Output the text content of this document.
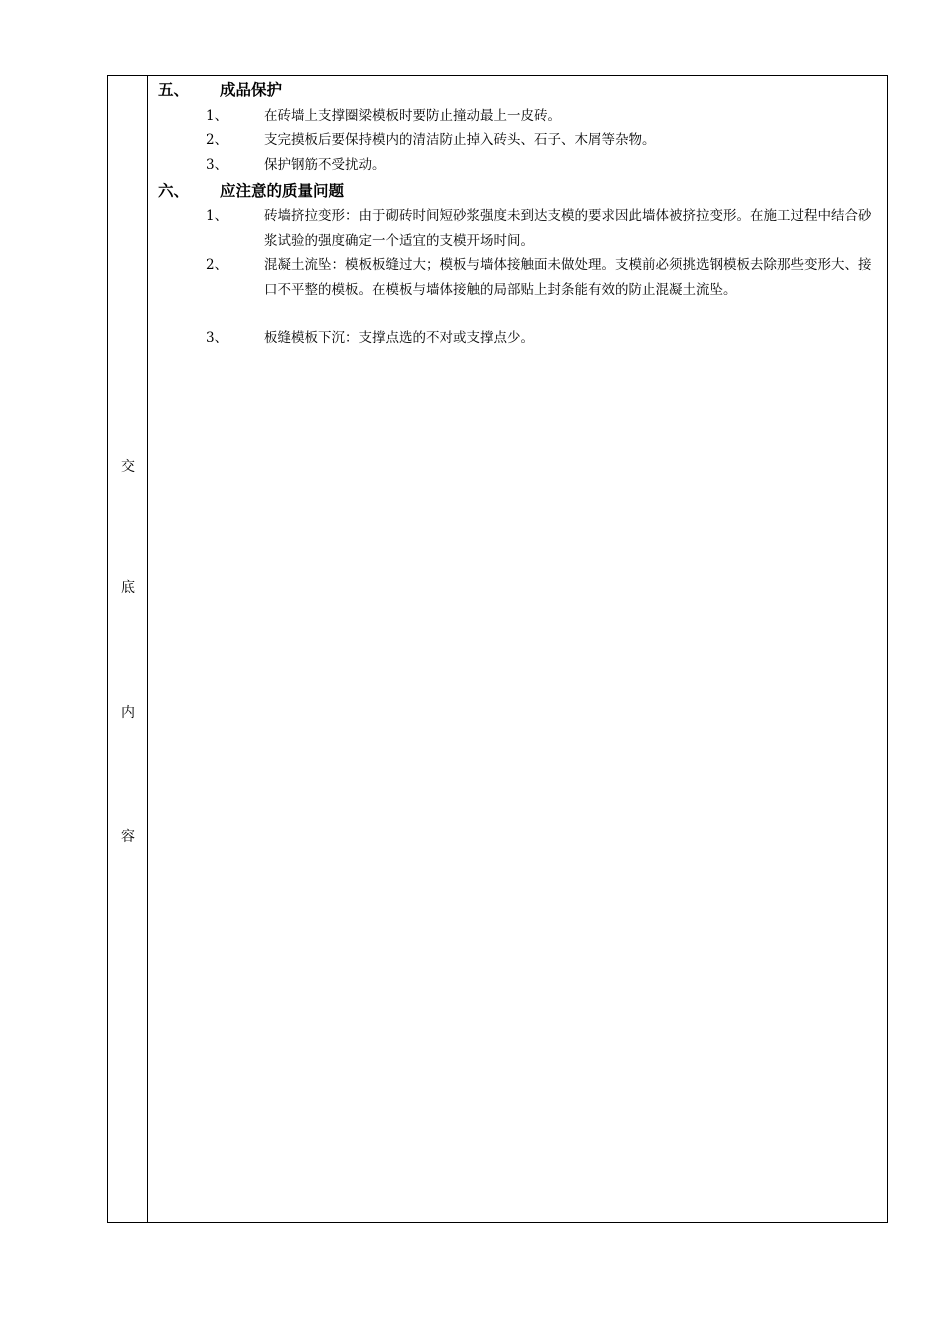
交
底
内
容
五、 成品保护
1、	在砖墙上支撑圈梁模板时要防止撞动最上一皮砖。
2、	支完摸板后要保持模内的清洁防止掉入砖头、石子、木屑等杂物。
3、	保护钢筋不受扰动。
六、 应注意的质量问题
1、	砖墙挤拉变形：由于砌砖时间短砂浆强度未到达支模的要求因此墙体被挤拉变形。在施工过程中结合砂浆试验的强度确定一个适宜的支模开场时间。
2、	混凝土流坠：模板板缝过大；模板与墙体接触面未做处理。支模前必须挑选钢模板去除那些变形大、接口不平整的模板。在模板与墙体接触的局部贴上封条能有效的防止混凝土流坠。
3、	板缝模板下沉：支撑点选的不对或支撑点少。
